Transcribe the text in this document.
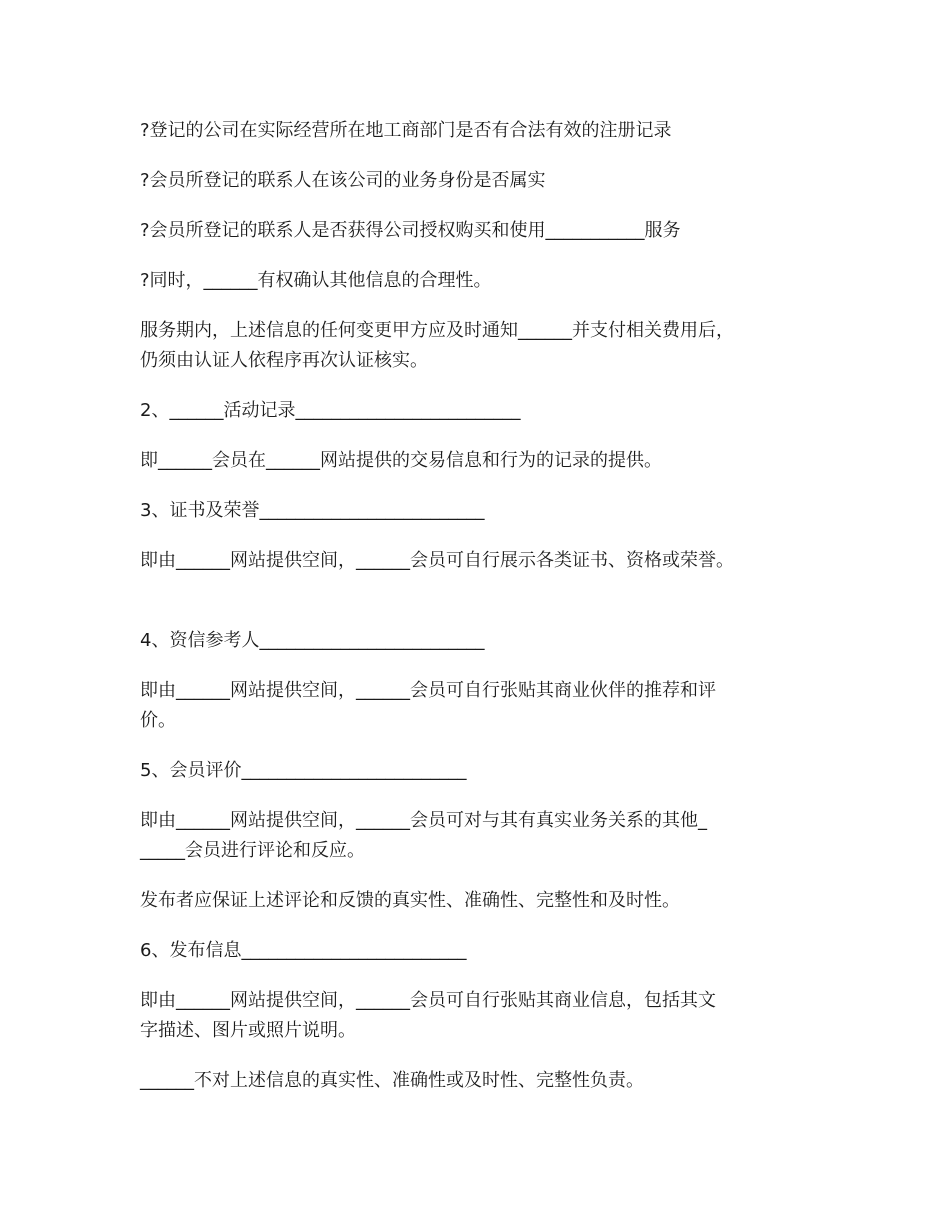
?登记的公司在实际经营所在地工商部门是否有合法有效的注册记录
?会员所登记的联系人在该公司的业务身份是否属实
?会员所登记的联系人是否获得公司授权购买和使用___________服务
?同时，______有权确认其他信息的合理性。
服务期内，上述信息的任何变更甲方应及时通知______并支付相关费用后，
仍须由认证人依程序再次认证核实。
2、______活动记录_________________________
即______会员在______网站提供的交易信息和行为的记录的提供。
3、证书及荣誉_________________________
即由______网站提供空间，______会员可自行展示各类证书、资格或荣誉。
4、资信参考人_________________________
即由______网站提供空间，______会员可自行张贴其商业伙伴的推荐和评
价。
5、会员评价_________________________
即由______网站提供空间，______会员可对与其有真实业务关系的其他_
_____会员进行评论和反应。
发布者应保证上述评论和反馈的真实性、准确性、完整性和及时性。
6、发布信息_________________________
即由______网站提供空间，______会员可自行张贴其商业信息，包括其文
字描述、图片或照片说明。
______不对上述信息的真实性、准确性或及时性、完整性负责。
